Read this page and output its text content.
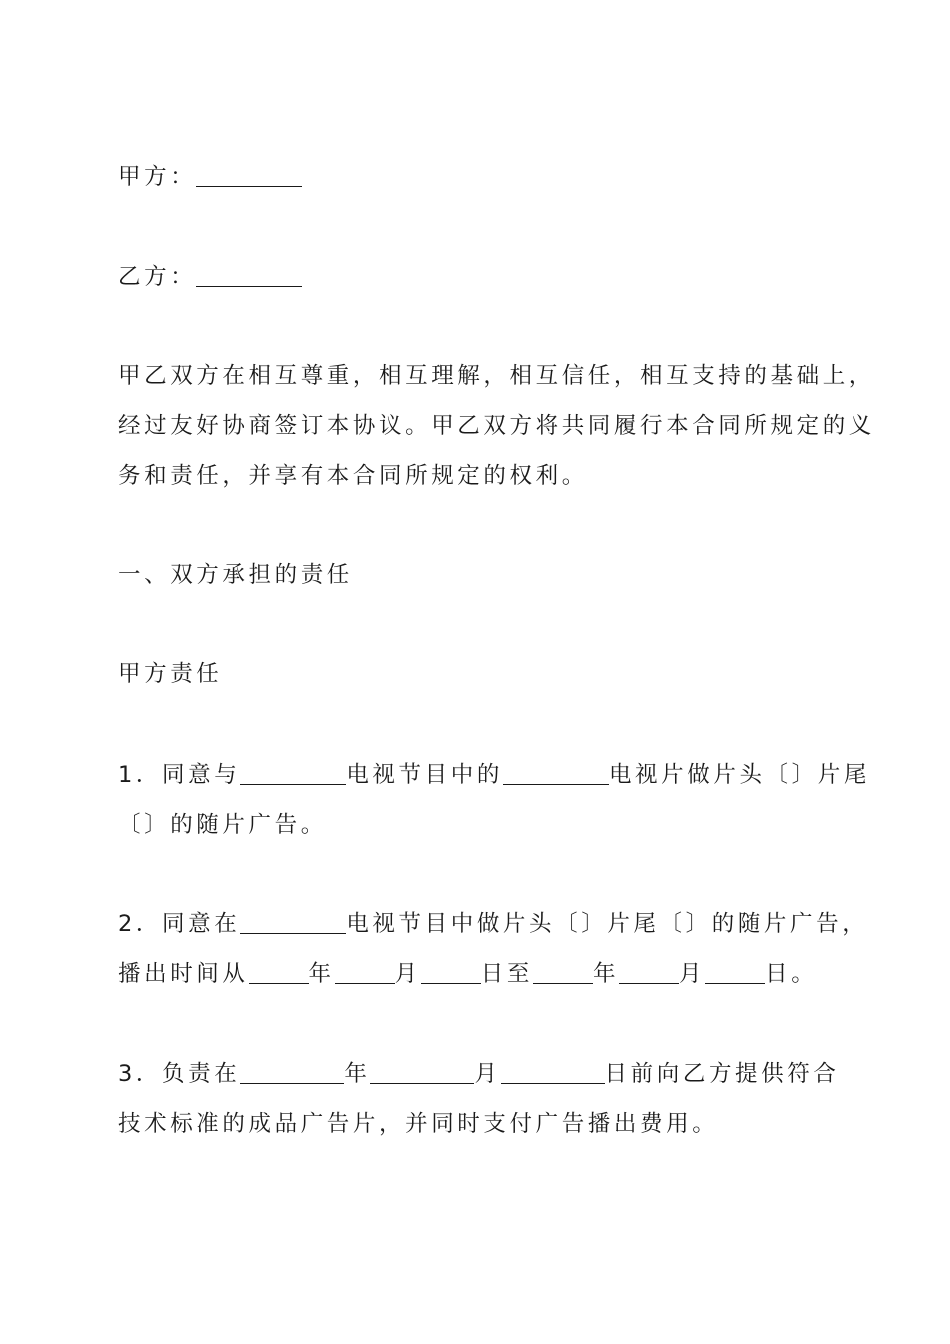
甲方：
乙方：
甲乙双方在相互尊重，相互理解，相互信任，相互支持的基础上，
经过友好协商签订本协议。甲乙双方将共同履行本合同所规定的义
务和责任，并享有本合同所规定的权利。
一、双方承担的责任
甲方责任
1．同意与	电视节目中的	电视片做片头〔〕片尾
〔〕的随片广告。
2．同意在	电视节目中做片头〔〕片尾〔〕的随片广告，
播出时间从	年	月	日至	年	月	日。
3．负责在	年	月	日前向乙方提供符合
技术标准的成品广告片，并同时支付广告播出费用。
